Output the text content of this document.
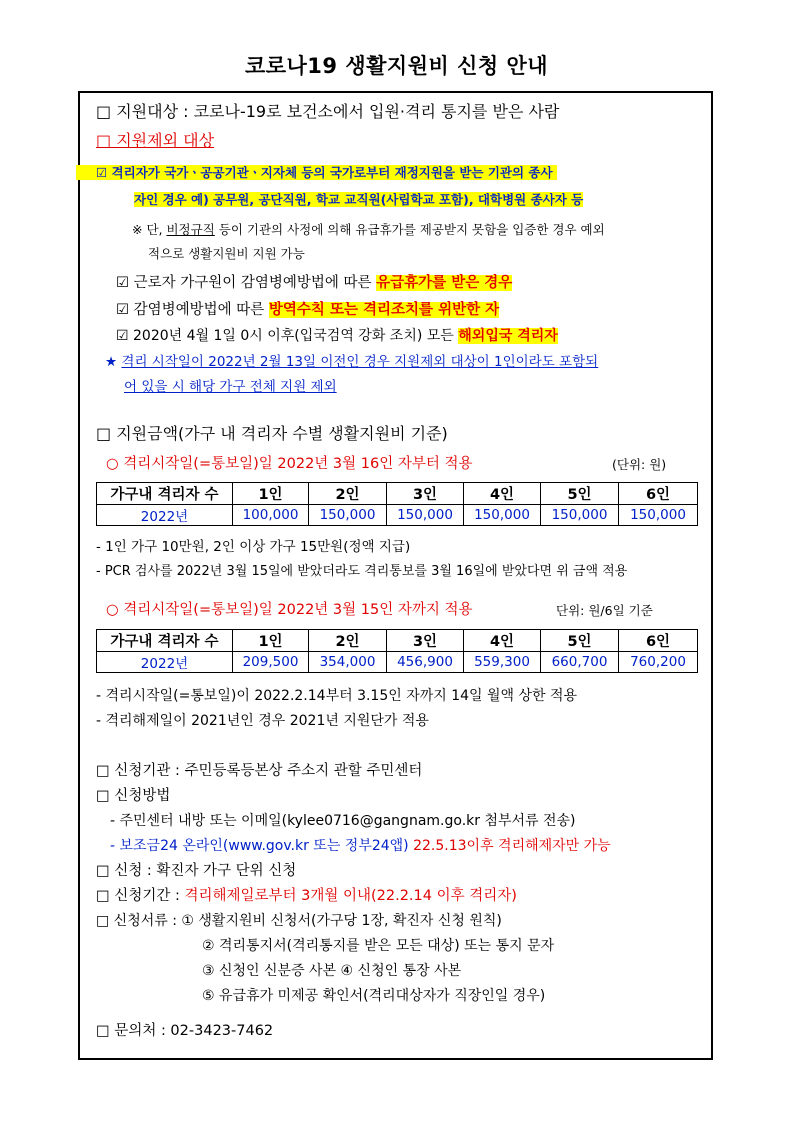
코로나19 생활지원비 신청 안내
□ 지원대상 : 코로나-19로 보건소에서 입원·격리 통지를 받은 사람
□ 지원제외 대상
☑ 격리자가 국가ㆍ공공기관ㆍ지자체 등의 국가로부터 재정지원을 받는 기관의 종사
자인 경우 예) 공무원, 공단직원, 학교 교직원(사립학교 포함), 대학병원 종사자 등
※ 단, 비정규직 등이 기관의 사정에 의해 유급휴가를 제공받지 못함을 입증한 경우 예외
적으로 생활지원비 지원 가능
☑ 근로자 가구원이 감염병예방법에 따른 유급휴가를 받은 경우
☑ 감염병예방법에 따른 방역수칙 또는 격리조치를 위반한 자
☑ 2020년 4월 1일 0시 이후(입국검역 강화 조치) 모든 해외입국 격리자
★ 격리 시작일이 2022년 2월 13일 이전인 경우 지원제외 대상이 1인이라도 포함되
어 있을 시 해당 가구 전체 지원 제외
□ 지원금액(가구 내 격리자 수별 생활지원비 기준)
○ 격리시작일(=통보일)일 2022년 3월 16인 자부터 적용	(단위: 원)
가구내 격리자 수	1인	2인	3인	4인	5인	6인
2022년	100,000	150,000	150,000	150,000	150,000	150,000
- 1인 가구 10만원, 2인 이상 가구 15만원(정액 지급)
- PCR 검사를 2022년 3월 15일에 받았더라도 격리통보를 3월 16일에 받았다면 위 금액 적용
○ 격리시작일(=통보일)일 2022년 3월 15인 자까지 적용	단위: 원/6일 기준
가구내 격리자 수	1인	2인	3인	4인	5인	6인
2022년	209,500	354,000	456,900	559,300	660,700	760,200
- 격리시작일(=통보일)이 2022.2.14부터 3.15인 자까지 14일 월액 상한 적용
- 격리해제일이 2021년인 경우 2021년 지원단가 적용
□ 신청기관 : 주민등록등본상 주소지 관할 주민센터
□ 신청방법
- 주민센터 내방 또는 이메일(kylee0716@gangnam.go.kr 첨부서류 전송)
- 보조금24 온라인(www.gov.kr 또는 정부24앱) 22.5.13이후 격리해제자만 가능
□ 신청 : 확진자 가구 단위 신청
□ 신청기간 : 격리해제일로부터 3개월 이내(22.2.14 이후 격리자)
□ 신청서류 : ① 생활지원비 신청서(가구당 1장, 확진자 신청 원칙)
② 격리통지서(격리통지를 받은 모든 대상) 또는 통지 문자
③ 신청인 신분증 사본 ④ 신청인 통장 사본
⑤ 유급휴가 미제공 확인서(격리대상자가 직장인일 경우)
□ 문의처 : 02-3423-7462
